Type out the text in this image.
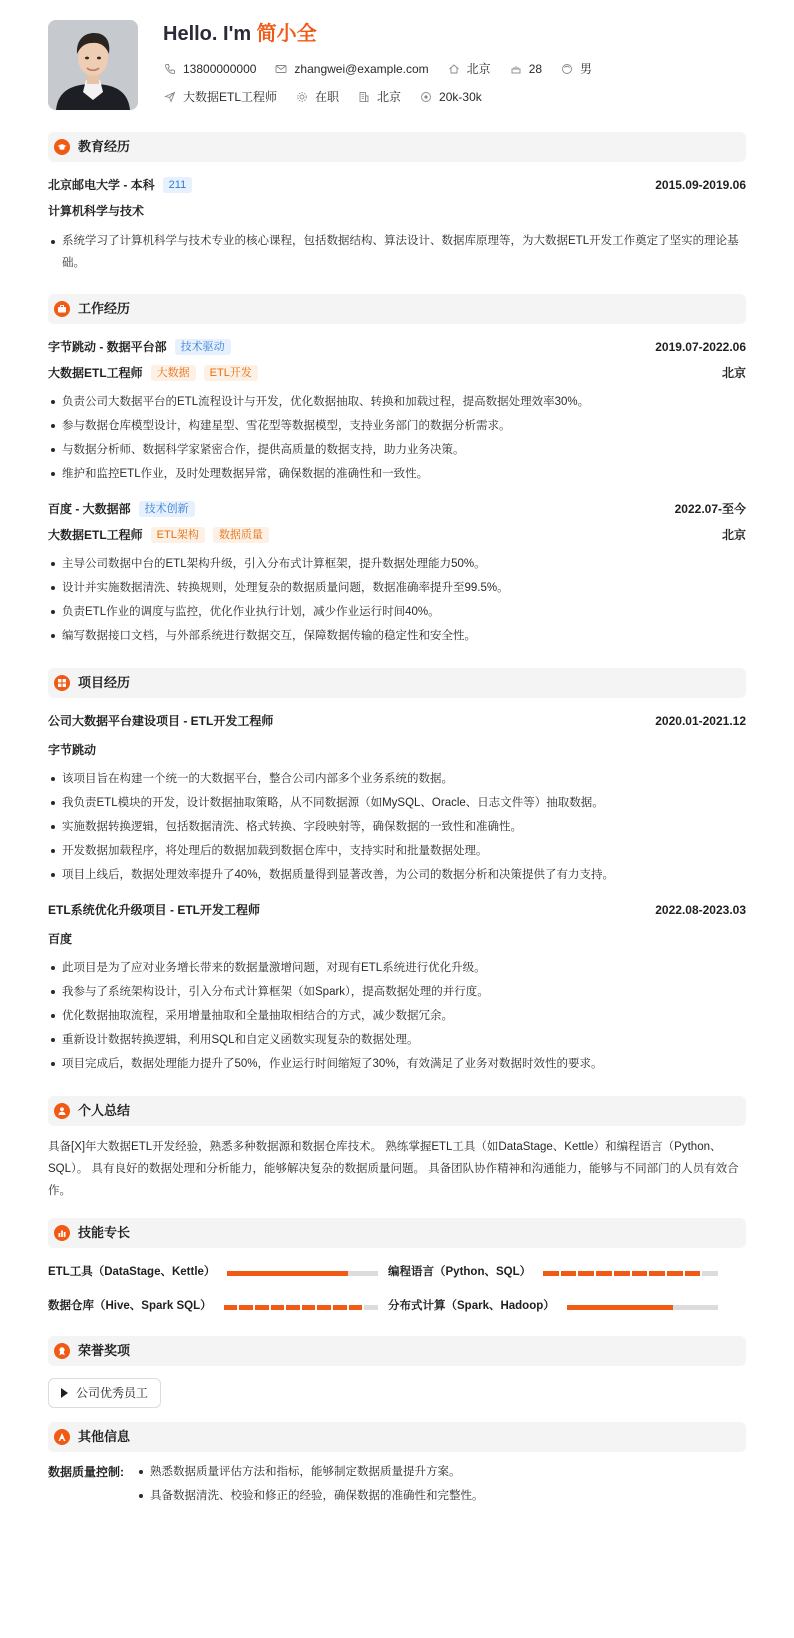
Hello. I'm 简小全
13800000000	zhangwei@example.com	北京	28	男
大数据ETL工程师	在职	北京	20k-30k
教育经历
北京邮电大学 - 本科	211	2015.09-2019.06
计算机科学与技术
系统学习了计算机科学与技术专业的核心课程，包括数据结构、算法设计、数据库原理等，为大数据ETL开发工作奠定了坚实的理论基础。
工作经历
字节跳动 - 数据平台部	技术驱动	2019.07-2022.06
大数据ETL工程师	大数据	ETL开发	北京
负责公司大数据平台的ETL流程设计与开发，优化数据抽取、转换和加载过程，提高数据处理效率30%。
参与数据仓库模型设计，构建星型、雪花型等数据模型，支持业务部门的数据分析需求。
与数据分析师、数据科学家紧密合作，提供高质量的数据支持，助力业务决策。
维护和监控ETL作业，及时处理数据异常，确保数据的准确性和一致性。
百度 - 大数据部	技术创新	2022.07-至今
大数据ETL工程师	ETL架构	数据质量	北京
主导公司数据中台的ETL架构升级，引入分布式计算框架，提升数据处理能力50%。
设计并实施数据清洗、转换规则，处理复杂的数据质量问题，数据准确率提升至99.5%。
负责ETL作业的调度与监控，优化作业执行计划，减少作业运行时间40%。
编写数据接口文档，与外部系统进行数据交互，保障数据传输的稳定性和安全性。
项目经历
公司大数据平台建设项目 - ETL开发工程师	2020.01-2021.12
字节跳动
该项目旨在构建一个统一的大数据平台，整合公司内部多个业务系统的数据。
我负责ETL模块的开发，设计数据抽取策略，从不同数据源（如MySQL、Oracle、日志文件等）抽取数据。
实施数据转换逻辑，包括数据清洗、格式转换、字段映射等，确保数据的一致性和准确性。
开发数据加载程序，将处理后的数据加载到数据仓库中，支持实时和批量数据处理。
项目上线后，数据处理效率提升了40%，数据质量得到显著改善，为公司的数据分析和决策提供了有力支持。
ETL系统优化升级项目 - ETL开发工程师	2022.08-2023.03
百度
此项目是为了应对业务增长带来的数据量激增问题，对现有ETL系统进行优化升级。
我参与了系统架构设计，引入分布式计算框架（如Spark），提高数据处理的并行度。
优化数据抽取流程，采用增量抽取和全量抽取相结合的方式，减少数据冗余。
重新设计数据转换逻辑，利用SQL和自定义函数实现复杂的数据处理。
项目完成后，数据处理能力提升了50%，作业运行时间缩短了30%，有效满足了业务对数据时效性的要求。
个人总结
具备[X]年大数据ETL开发经验，熟悉多种数据源和数据仓库技术。 熟练掌握ETL工具（如DataStage、Kettle）和编程语言（Python、SQL）。 具有良好的数据处理和分析能力，能够解决复杂的数据质量问题。 具备团队协作精神和沟通能力，能够与不同部门的人员有效合作。
技能专长
ETL工具（DataStage、Kettle）	编程语言（Python、SQL）
数据仓库（Hive、Spark SQL）	分布式计算（Spark、Hadoop）
荣誉奖项
公司优秀员工
其他信息
数据质量控制:	熟悉数据质量评估方法和指标，能够制定数据质量提升方案。
具备数据清洗、校验和修正的经验，确保数据的准确性和完整性。
